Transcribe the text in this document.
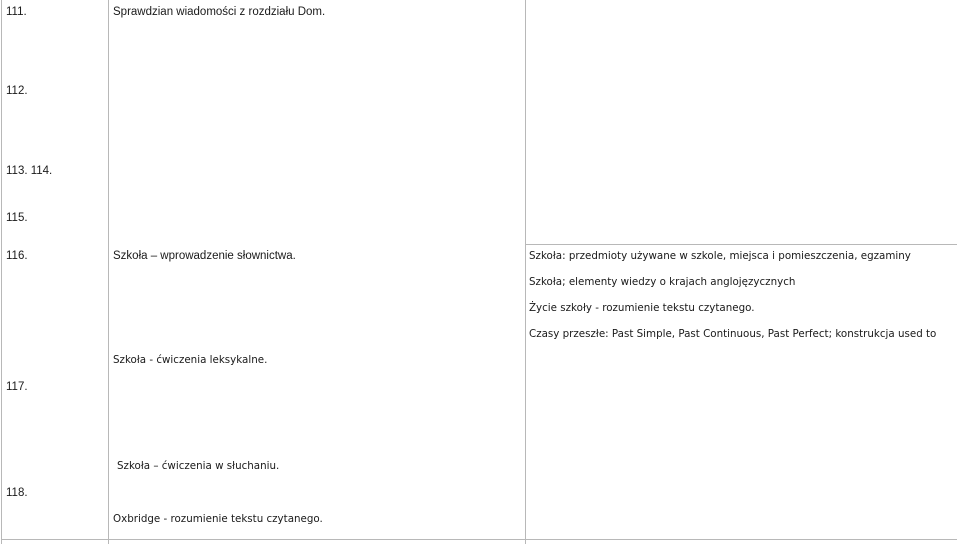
111.
112.
113. 114.
115.
116.
117.
118.
Sprawdzian wiadomości z rozdziału Dom.
Szkoła – wprowadzenie słownictwa.
Szkoła - ćwiczenia leksykalne.
Szkoła – ćwiczenia w słuchaniu.
Oxbridge - rozumienie tekstu czytanego.
Szkoła: przedmioty używane w szkole, miejsca i pomieszczenia, egzaminy
Szkoła; elementy wiedzy o krajach anglojęzycznych
Życie szkoły - rozumienie tekstu czytanego.
Czasy przeszłe: Past Simple, Past Continuous, Past Perfect; konstrukcja used to
